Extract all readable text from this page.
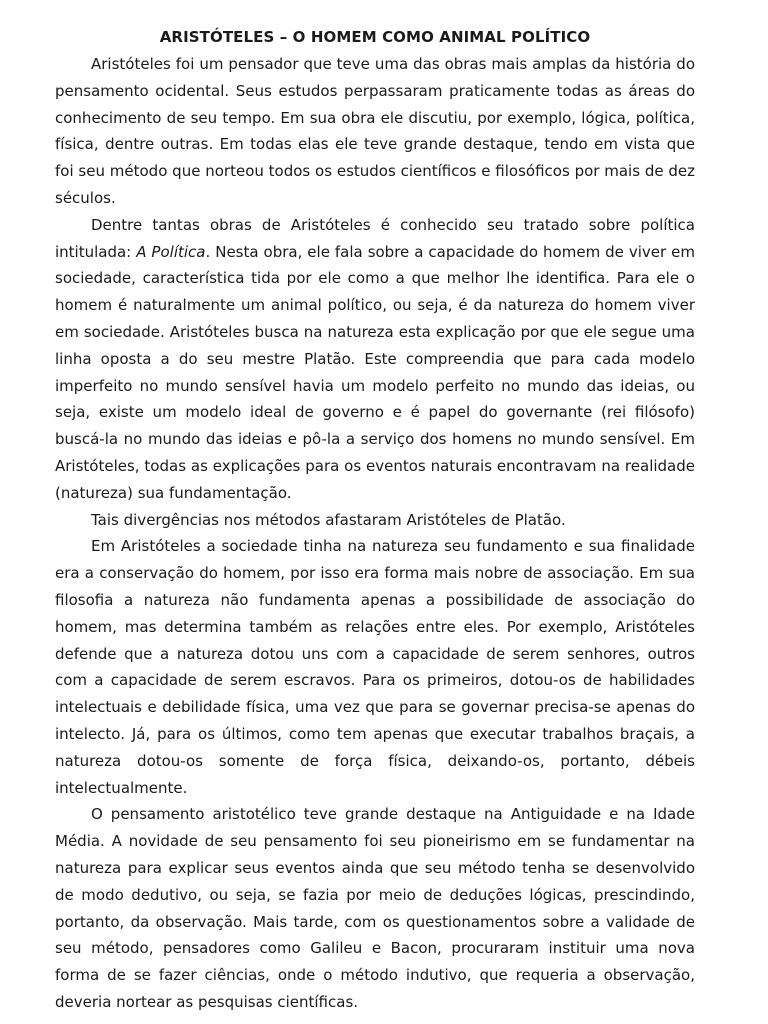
ARISTÓTELES – O HOMEM COMO ANIMAL POLÍTICO

Aristóteles foi um pensador que teve uma das obras mais amplas da história do pensamento ocidental. Seus estudos perpassaram praticamente todas as áreas do conhecimento de seu tempo. Em sua obra ele discutiu, por exemplo, lógica, política, física, dentre outras. Em todas elas ele teve grande destaque, tendo em vista que foi seu método que norteou todos os estudos científicos e filosóficos por mais de dez séculos.

Dentre tantas obras de Aristóteles é conhecido seu tratado sobre política intitulada: A Política. Nesta obra, ele fala sobre a capacidade do homem de viver em sociedade, característica tida por ele como a que melhor lhe identifica. Para ele o homem é naturalmente um animal político, ou seja, é da natureza do homem viver em sociedade. Aristóteles busca na natureza esta explicação por que ele segue uma linha oposta a do seu mestre Platão. Este compreendia que para cada modelo imperfeito no mundo sensível havia um modelo perfeito no mundo das ideias, ou seja, existe um modelo ideal de governo e é papel do governante (rei filósofo) buscá-la no mundo das ideias e pô-la a serviço dos homens no mundo sensível. Em Aristóteles, todas as explicações para os eventos naturais encontravam na realidade (natureza) sua fundamentação.

Tais divergências nos métodos afastaram Aristóteles de Platão.

Em Aristóteles a sociedade tinha na natureza seu fundamento e sua finalidade era a conservação do homem, por isso era forma mais nobre de associação. Em sua filosofia a natureza não fundamenta apenas a possibilidade de associação do homem, mas determina também as relações entre eles. Por exemplo, Aristóteles defende que a natureza dotou uns com a capacidade de serem senhores, outros com a capacidade de serem escravos. Para os primeiros, dotou-os de habilidades intelectuais e debilidade física, uma vez que para se governar precisa-se apenas do intelecto. Já, para os últimos, como tem apenas que executar trabalhos braçais, a natureza dotou-os somente de força física, deixando-os, portanto, débeis intelectualmente.

O pensamento aristotélico teve grande destaque na Antiguidade e na Idade Média. A novidade de seu pensamento foi seu pioneirismo em se fundamentar na natureza para explicar seus eventos ainda que seu método tenha se desenvolvido de modo dedutivo, ou seja, se fazia por meio de deduções lógicas, prescindindo, portanto, da observação. Mais tarde, com os questionamentos sobre a validade de seu método, pensadores como Galileu e Bacon, procuraram instituir uma nova forma de se fazer ciências, onde o método indutivo, que requeria a observação, deveria nortear as pesquisas científicas.
